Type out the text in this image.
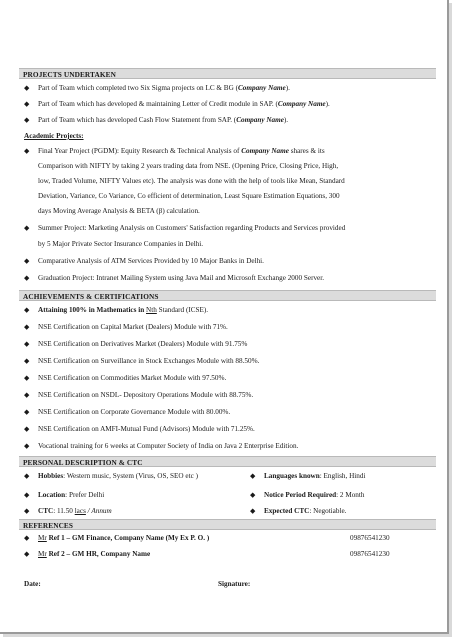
PROJECTS UNDERTAKEN
◆ Part of Team which completed two Six Sigma projects on LC & BG (Company Name).
◆ Part of Team which has developed & maintaining Letter of Credit module in SAP. (Company Name).
◆ Part of Team which has developed Cash Flow Statement from SAP. (Company Name).
Academic Projects:
◆ Final Year Project (PGDM): Equity Research & Technical Analysis of Company Name shares & its
Comparison with NIFTY by taking 2 years trading data from NSE. (Opening Price, Closing Price, High,
low, Traded Volume, NIFTY Values etc). The analysis was done with the help of tools like Mean, Standard
Deviation, Variance, Co Variance, Co efficient of determination, Least Square Estimation Equations, 300
days Moving Average Analysis & BETA (β) calculation.
◆ Summer Project: Marketing Analysis on Customers' Satisfaction regarding Products and Services provided
by 5 Major Private Sector Insurance Companies in Delhi.
◆ Comparative Analysis of ATM Services Provided by 10 Major Banks in Delhi.
◆ Graduation Project: Intranet Mailing System using Java Mail and Microsoft Exchange 2000 Server.
ACHIEVEMENTS & CERTIFICATIONS
◆ Attaining 100% in Mathematics in Nth Standard (ICSE).
◆ NSE Certification on Capital Market (Dealers) Module with 71%.
◆ NSE Certification on Derivatives Market (Dealers) Module with 91.75%
◆ NSE Certification on Surveillance in Stock Exchanges Module with 88.50%.
◆ NSE Certification on Commodities Market Module with 97.50%.
◆ NSE Certification on NSDL- Depository Operations Module with 88.75%.
◆ NSE Certification on Corporate Governance Module with 80.00%.
◆ NSE Certification on AMFI-Mutual Fund (Advisors) Module with 71.25%.
◆ Vocational training for 6 weeks at Computer Society of India on Java 2 Enterprise Edition.
PERSONAL DESCRIPTION & CTC
◆ Hobbies: Western music, System (Virus, OS, SEO etc )	◆ Languages known: English, Hindi
◆ Location: Prefer Delhi	◆ Notice Period Required: 2 Month
◆ CTC: 11.50 lacs / Annum	◆ Expected CTC: Negotiable.
REFERENCES
◆ Mr Ref 1 – GM Finance, Company Name (My Ex P. O. )	09876541230
◆ Mr Ref 2 – GM HR, Company Name	09876541230
Date:	Signature:
